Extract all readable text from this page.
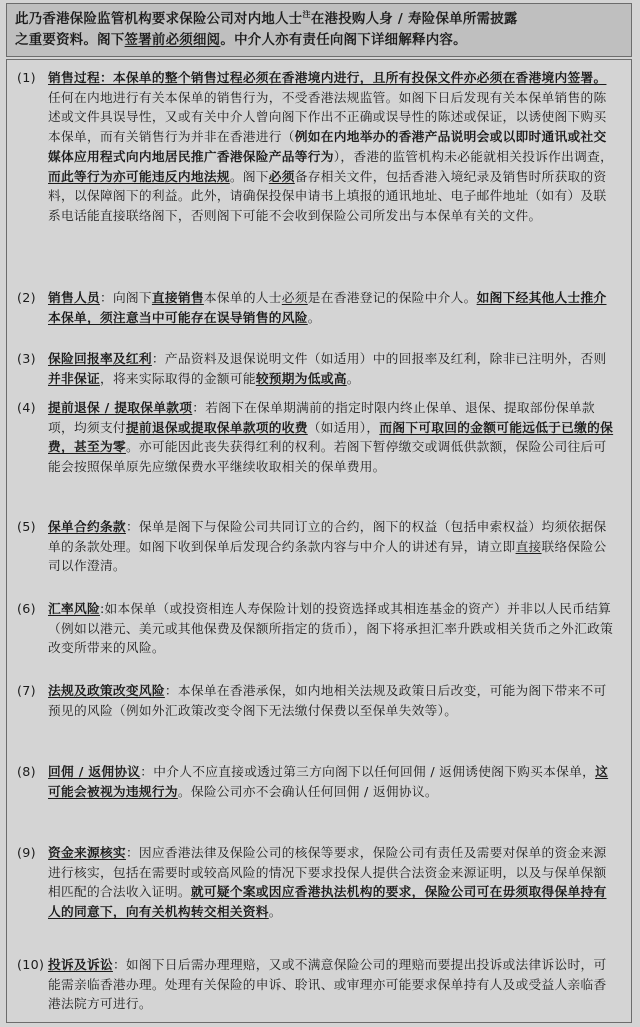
此乃香港保险监管机构要求保险公司对内地人士$^注$在港投购人身 / 寿险保单所需披露
之重要资料。阁下签署前必须细阅。中介人亦有责任向阁下详细解释内容。
(1) 销售过程：本保单的整个销售过程必须在香港境内进行，且所有投保文件亦必须在香港境内签署。任何在内地进行有关本保单的销售行为，不受香港法规监管。如阁下日后发现有关本保单销售的陈述或文件具误导性，又或有关中介人曾向阁下作出不正确或误导性的陈述或保证，以诱使阁下购买本保单，而有关销售行为并非在香港进行（例如在内地举办的香港产品说明会或以即时通讯或社交媒体应用程式向内地居民推广香港保险产品等行为），香港的监管机构未必能就相关投诉作出调查，而此等行为亦可能违反内地法规。阁下必须备存相关文件，包括香港入境纪录及销售时所获取的资料，以保障阁下的利益。此外，请确保投保申请书上填报的通讯地址、电子邮件地址（如有）及联系电话能直接联络阁下，否则阁下可能不会收到保险公司所发出与本保单有关的文件。
(2) 销售人员：向阁下直接销售本保单的人士必须是在香港登记的保险中介人。如阁下经其他人士推介本保单，须注意当中可能存在误导销售的风险。
(3) 保险回报率及红利：产品资料及退保说明文件（如适用）中的回报率及红利，除非已注明外，否则并非保证，将来实际取得的金额可能较预期为低或高。
(4) 提前退保 / 提取保单款项：若阁下在保单期满前的指定时限内终止保单、退保、提取部份保单款项，均须支付提前退保或提取保单款项的收费（如适用），而阁下可取回的金额可能远低于已缴的保费，甚至为零。亦可能因此丧失获得红利的权利。若阁下暂停缴交或调低供款额，保险公司往后可能会按照保单原先应缴保费水平继续收取相关的保单费用。
(5) 保单合约条款：保单是阁下与保险公司共同订立的合约，阁下的权益（包括申索权益）均须依据保单的条款处理。如阁下收到保单后发现合约条款内容与中介人的讲述有异，请立即直接联络保险公司以作澄清。
(6) 汇率风险:如本保单（或投资相连人寿保险计划的投资选择或其相连基金的资产）并非以人民币结算（例如以港元、美元或其他保费及保额所指定的货币），阁下将承担汇率升跌或相关货币之外汇政策改变所带来的风险。
(7) 法规及政策改变风险：本保单在香港承保，如内地相关法规及政策日后改变，可能为阁下带来不可预见的风险（例如外汇政策改变令阁下无法缴付保费以至保单失效等）。
(8) 回佣 / 返佣协议：中介人不应直接或透过第三方向阁下以任何回佣 / 返佣诱使阁下购买本保单，这可能会被视为违规行为。保险公司亦不会确认任何回佣 / 返佣协议。
(9) 资金来源核实：因应香港法律及保险公司的核保等要求，保险公司有责任及需要对保单的资金来源进行核实，包括在需要时或较高风险的情况下要求投保人提供合法资金来源证明，以及与保单保额相匹配的合法收入证明。就可疑个案或因应香港执法机构的要求，保险公司可在毋须取得保单持有人的同意下，向有关机构转交相关资料。
(10) 投诉及诉讼：如阁下日后需办理理赔，又或不满意保险公司的理赔而要提出投诉或法律诉讼时，可能需亲临香港办理。处理有关保险的申诉、聆讯、或审理亦可能要求保单持有人及或受益人亲临香港法院方可进行。
